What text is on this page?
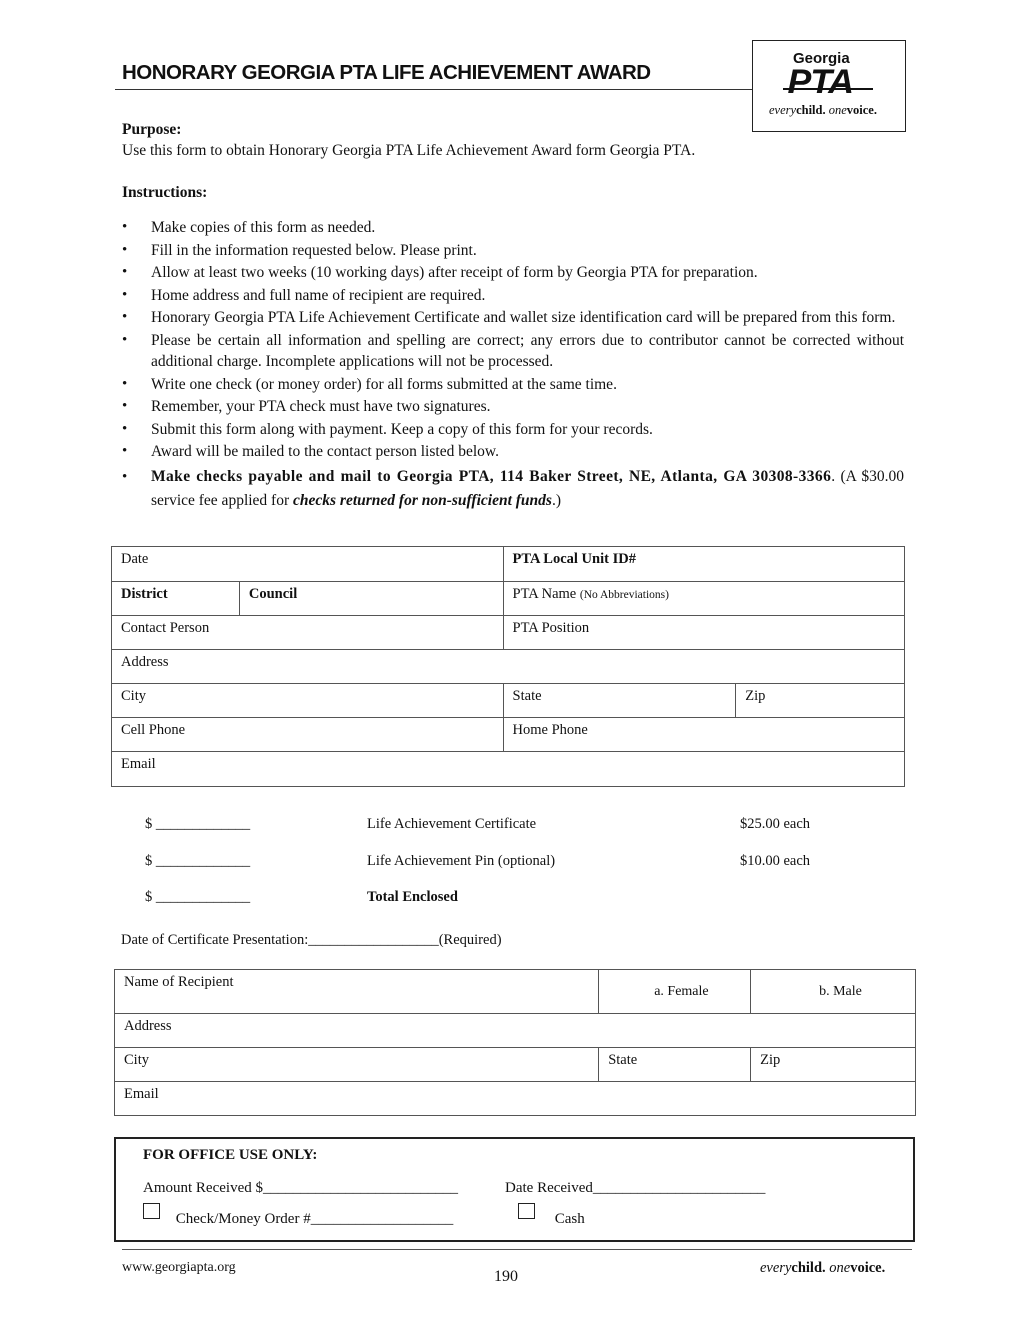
HONORARY GEORGIA PTA LIFE ACHIEVEMENT AWARD
Georgia
PTA
everychild. onevoice.
Purpose:
Use this form to obtain Honorary Georgia PTA Life Achievement Award form Georgia PTA.
Instructions:
• Make copies of this form as needed.
• Fill in the information requested below. Please print.
• Allow at least two weeks (10 working days) after receipt of form by Georgia PTA for preparation.
• Home address and full name of recipient are required.
• Honorary Georgia PTA Life Achievement Certificate and wallet size identification card will be prepared from this form.
• Please be certain all information and spelling are correct; any errors due to contributor cannot be corrected without additional charge. Incomplete applications will not be processed.
• Write one check (or money order) for all forms submitted at the same time.
• Remember, your PTA check must have two signatures.
• Submit this form along with payment. Keep a copy of this form for your records.
• Award will be mailed to the contact person listed below.
• Make checks payable and mail to Georgia PTA, 114 Baker Street, NE, Atlanta, GA 30308-3366. (A $30.00 service fee applied for checks returned for non-sufficient funds.)
Date		PTA Local Unit ID#	
District	Council	PTA Name (No Abbreviations)	
Contact Person		PTA Position	
Address			
City		State	Zip
Cell Phone		Home Phone	
Email			
$ _____________	Life Achievement Certificate	$25.00 each
$ _____________	Life Achievement Pin (optional)	$10.00 each
$ _____________	Total Enclosed
Date of Certificate Presentation:__________________(Required)
Name of Recipient	a. Female	b. Male
Address		
City	State	Zip
Email		
FOR OFFICE USE ONLY:
Amount Received $__________________________	Date Received_______________________
Check/Money Order #___________________	Cash
www.georgiapta.org
190	everychild. onevoice.
